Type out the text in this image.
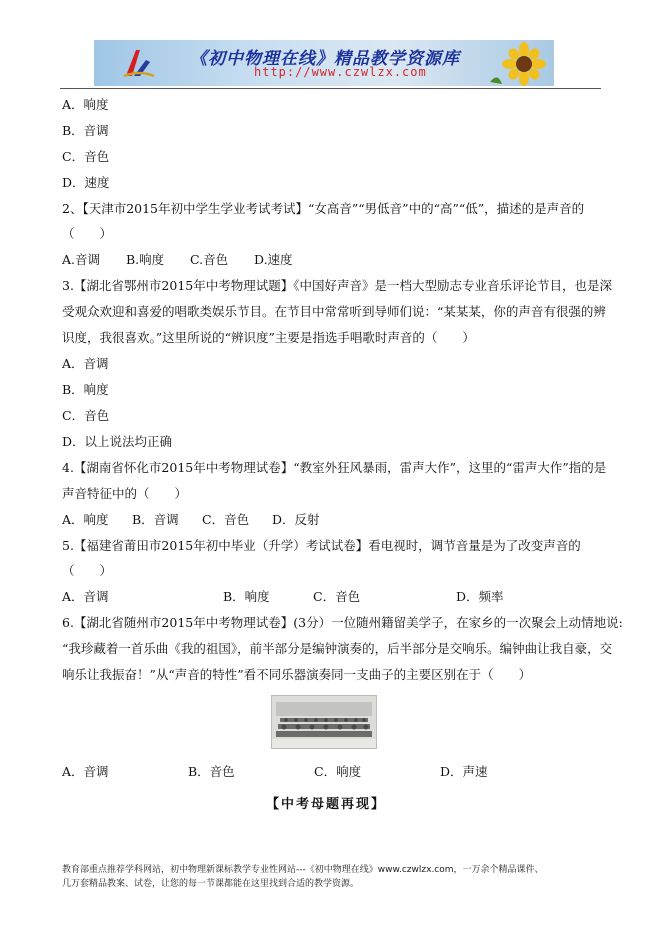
《初中物理在线》精品教学资源库
http://www.czwlzx.com
A．响度
B．音调
C．音色
D．速度
2、【天津市2015年初中学生学业考试考试】“女高音”“男低音”中的“高”“低”，描述的是声音的
（　　）
A.音调 B.响度 C.音色 D.速度
3.【湖北省鄂州市2015年中考物理试题】《中国好声音》是一档大型励志专业音乐评论节目，也是深
受观众欢迎和喜爱的唱歌类娱乐节目。在节目中常常听到导师们说：“某某某，你的声音有很强的辨
识度，我很喜欢。”这里所说的“辨识度”主要是指选手唱歌时声音的（　　）
A．音调
B．响度
C．音色
D．以上说法均正确
4.【湖南省怀化市2015年中考物理试卷】“教室外狂风暴雨，雷声大作”，这里的“雷声大作”指的是
声音特征中的（　　）
A．响度 B．音调 C．音色 D．反射
5.【福建省莆田市2015年初中毕业（升学）考试试卷】看电视时，调节音量是为了改变声音的
（　　）
A．音调	B．响度	C．音色	D．频率
6.【湖北省随州市2015年中考物理试卷】(3分）一位随州籍留美学子，在家乡的一次聚会上动情地说:
“我珍藏着一首乐曲《我的祖国》，前半部分是编钟演奏的，后半部分是交响乐。编钟曲让我自豪，交
响乐让我振奋！”从“声音的特性”看不同乐器演奏同一支曲子的主要区别在于（　　）
A．音调	B．音色	C．响度	D．声速
【中考母题再现】
教育部重点推荐学科网站，初中物理新课标教学专业性网站---《初中物理在线》www.czwlzx.com，一万余个精品课件、
几万套精品教案、试卷，让您的每一节课都能在这里找到合适的教学资源。
